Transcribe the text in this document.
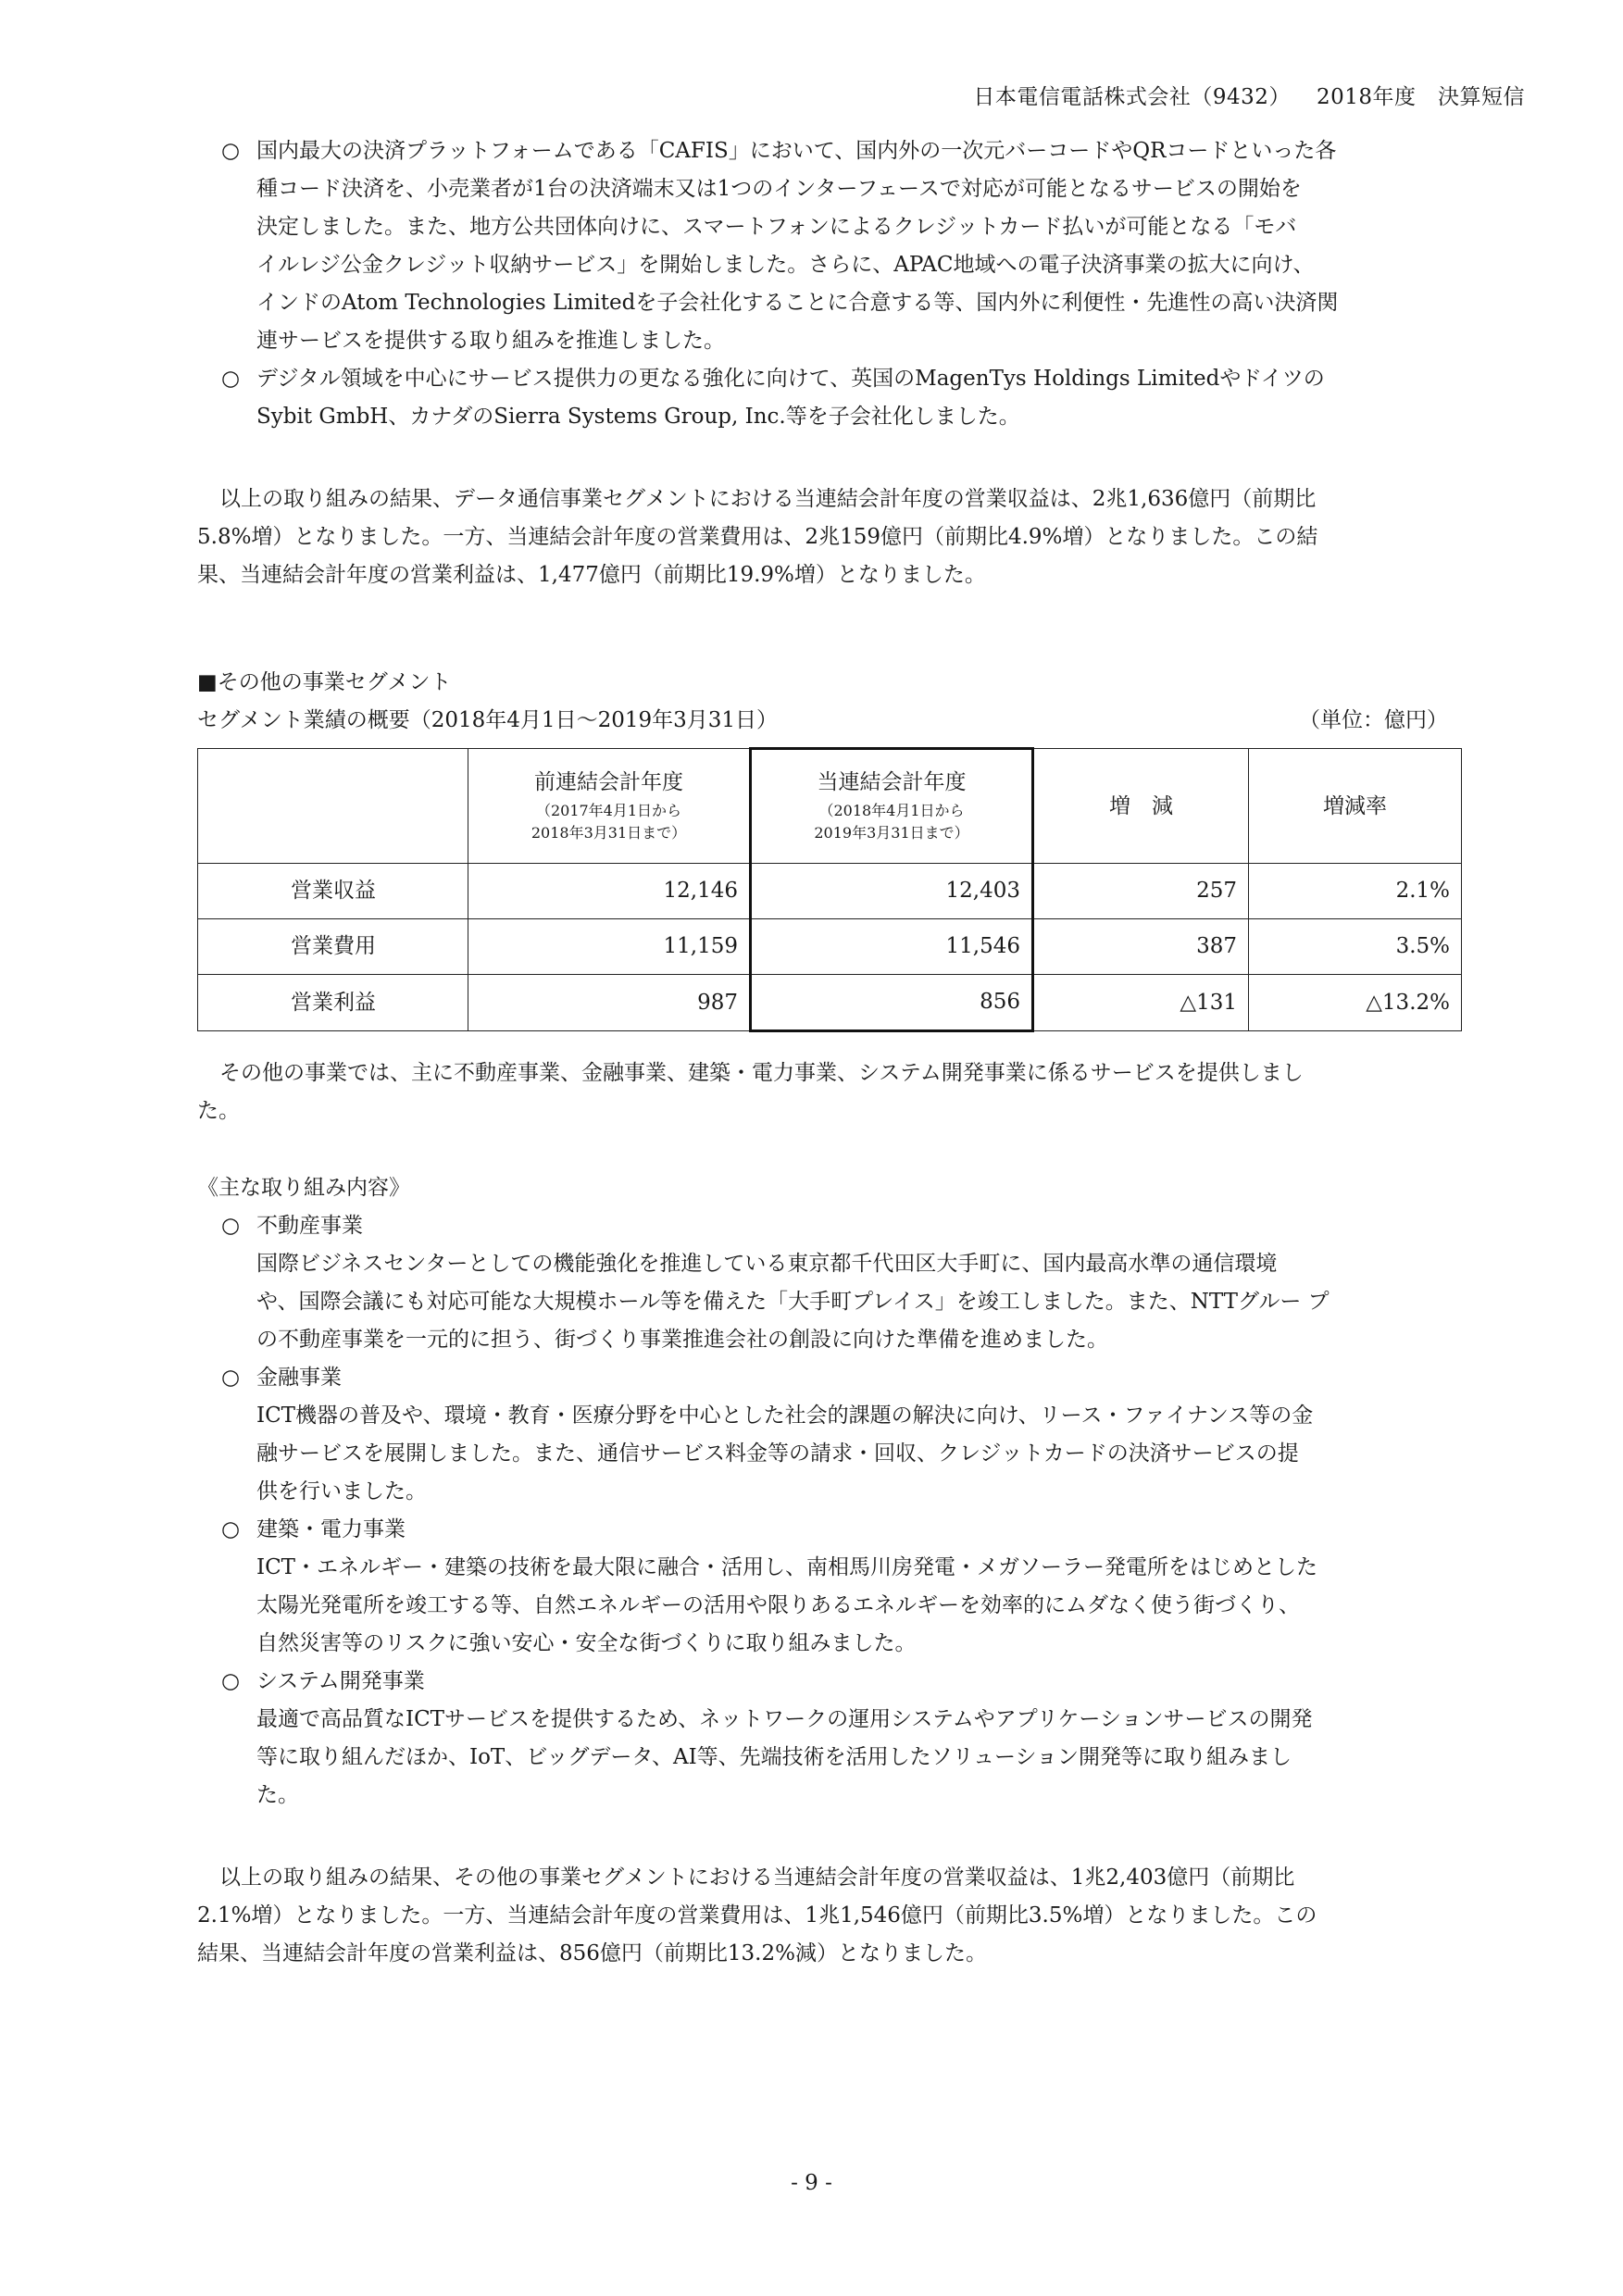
日本電信電話株式会社（9432） 2018年度　決算短信
○ 国内最大の決済プラットフォームである「CAFIS」において、国内外の一次元バーコードやQRコードといった各
種コード決済を、小売業者が1台の決済端末又は1つのインターフェースで対応が可能となるサービスの開始を
決定しました。また、地方公共団体向けに、スマートフォンによるクレジットカード払いが可能となる「モバ
イルレジ公金クレジット収納サービス」を開始しました。さらに、APAC地域への電子決済事業の拡大に向け、
インドのAtom Technologies Limitedを子会社化することに合意する等、国内外に利便性・先進性の高い決済関
連サービスを提供する取り組みを推進しました。
○ デジタル領域を中心にサービス提供力の更なる強化に向けて、英国のMagenTys Holdings Limitedやドイツの
Sybit GmbH、カナダのSierra Systems Group, Inc.等を子会社化しました。

以上の取り組みの結果、データ通信事業セグメントにおける当連結会計年度の営業収益は、2兆1,636億円（前期比

5.8%増）となりました。一方、当連結会計年度の営業費用は、2兆159億円（前期比4.9%増）となりました。この結
果、当連結会計年度の営業利益は、1,477億円（前期比19.9%増）となりました。
■その他の事業セグメント
セグメント業績の概要（2018年4月1日～2019年3月31日）	（単位：億円）
	前連結会計年度
（2017年4月1日から
2018年3月31日まで）	当連結会計年度
（2018年4月1日から
2019年3月31日まで）	増　減	増減率
営業収益	12,146	12,403	257	2.1%
営業費用	11,159	11,546	387	3.5%
営業利益	987	856	△131	△13.2%

その他の事業では、主に不動産事業、金融事業、建築・電力事業、システム開発事業に係るサービスを提供しまし

た。
《主な取り組み内容》
○ 不動産事業
国際ビジネスセンターとしての機能強化を推進している東京都千代田区大手町に、国内最高水準の通信環境
や、国際会議にも対応可能な大規模ホール等を備えた「大手町プレイス」を竣工しました。また、NTTグルー プ
の不動産事業を一元的に担う、街づくり事業推進会社の創設に向けた準備を進めました。
○ 金融事業
ICT機器の普及や、環境・教育・医療分野を中心とした社会的課題の解決に向け、リース・ファイナンス等の金
融サービスを展開しました。また、通信サービス料金等の請求・回収、クレジットカードの決済サービスの提
供を行いました。
○ 建築・電力事業
ICT・エネルギー・建築の技術を最大限に融合・活用し、南相馬川房発電・メガソーラー発電所をはじめとした
太陽光発電所を竣工する等、自然エネルギーの活用や限りあるエネルギーを効率的にムダなく使う街づくり、
自然災害等のリスクに強い安心・安全な街づくりに取り組みました。
○ システム開発事業
最適で高品質なICTサービスを提供するため、ネットワークの運用システムやアプリケーションサービスの開発
等に取り組んだほか、IoT、ビッグデータ、AI等、先端技術を活用したソリューション開発等に取り組みまし
た。

以上の取り組みの結果、その他の事業セグメントにおける当連結会計年度の営業収益は、1兆2,403億円（前期比

2.1%増）となりました。一方、当連結会計年度の営業費用は、1兆1,546億円（前期比3.5%増）となりました。この
結果、当連結会計年度の営業利益は、856億円（前期比13.2%減）となりました。
- 9 -
